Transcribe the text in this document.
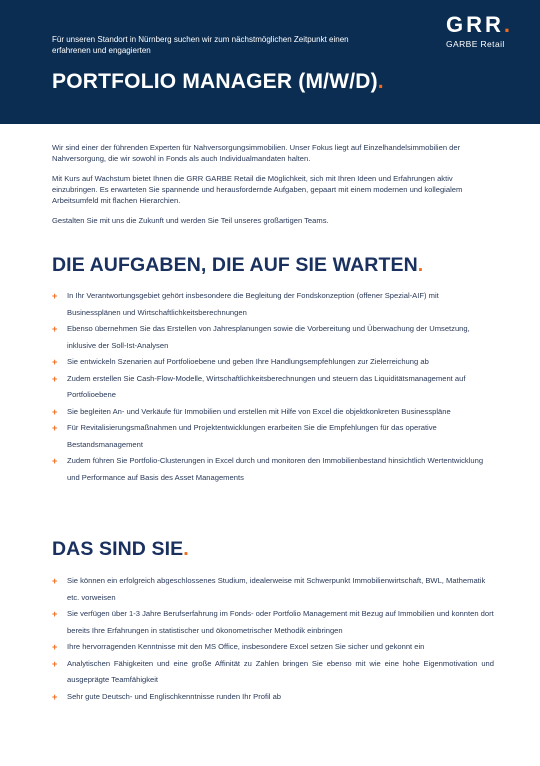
Für unseren Standort in Nürnberg suchen wir zum nächstmöglichen Zeitpunkt einen erfahrenen und engagierten
GRR.
GARBE Retail
PORTFOLIO MANAGER (M/W/D).

Wir sind einer der führenden Experten für Nahversorgungsimmobilien. Unser Fokus liegt auf Einzelhandelsimmobilien der Nahversorgung, die wir sowohl in Fonds als auch Individualmandaten halten.

Mit Kurs auf Wachstum bietet Ihnen die GRR GARBE Retail die Möglichkeit, sich mit Ihren Ideen und Erfahrungen aktiv einzubringen. Es erwarteten Sie spannende und herausfordernde Aufgaben, gepaart mit einem modernen und kollegialem Arbeitsumfeld mit flachen Hierarchien.

Gestalten Sie mit uns die Zukunft und werden Sie Teil unseres großartigen Teams.

DIE AUFGABEN, DIE AUF SIE WARTEN.
+ In Ihr Verantwortungsgebiet gehört insbesondere die Begleitung der Fondskonzeption (offener Spezial-AIF) mit Businessplänen und Wirtschaftlichkeitsberechnungen
+ Ebenso übernehmen Sie das Erstellen von Jahresplanungen sowie die Vorbereitung und Überwachung der Umsetzung, inklusive der Soll-Ist-Analysen
+ Sie entwickeln Szenarien auf Portfolioebene und geben Ihre Handlungsempfehlungen zur Zielerreichung ab
+ Zudem erstellen Sie Cash-Flow-Modelle, Wirtschaftlichkeitsberechnungen und steuern das Liquiditätsmanagement auf Portfolioebene
+ Sie begleiten An- und Verkäufe für Immobilien und erstellen mit Hilfe von Excel die objektkonkreten Businesspläne
+ Für Revitalisierungsmaßnahmen und Projektentwicklungen erarbeiten Sie die Empfehlungen für das operative Bestandsmanagement
+ Zudem führen Sie Portfolio-Clusterungen in Excel durch und monitoren den Immobilienbestand hinsichtlich Wertentwicklung und Performance auf Basis des Asset Managements
DAS SIND SIE.
+ Sie können ein erfolgreich abgeschlossenes Studium, idealerweise mit Schwerpunkt Immobilienwirtschaft, BWL, Mathematik etc. vorweisen
+ Sie verfügen über 1-3 Jahre Berufserfahrung im Fonds- oder Portfolio Management mit Bezug auf Immobilien und konnten dort bereits Ihre Erfahrungen in statistischer und ökonometrischer Methodik einbringen
+ Ihre hervorragenden Kenntnisse mit den MS Office, insbesondere Excel setzen Sie sicher und gekonnt ein
+ Analytischen Fähigkeiten und eine große Affinität zu Zahlen bringen Sie ebenso mit wie eine hohe Eigenmotivation und ausgeprägte Teamfähigkeit
+ Sehr gute Deutsch- und Englischkenntnisse runden Ihr Profil ab
